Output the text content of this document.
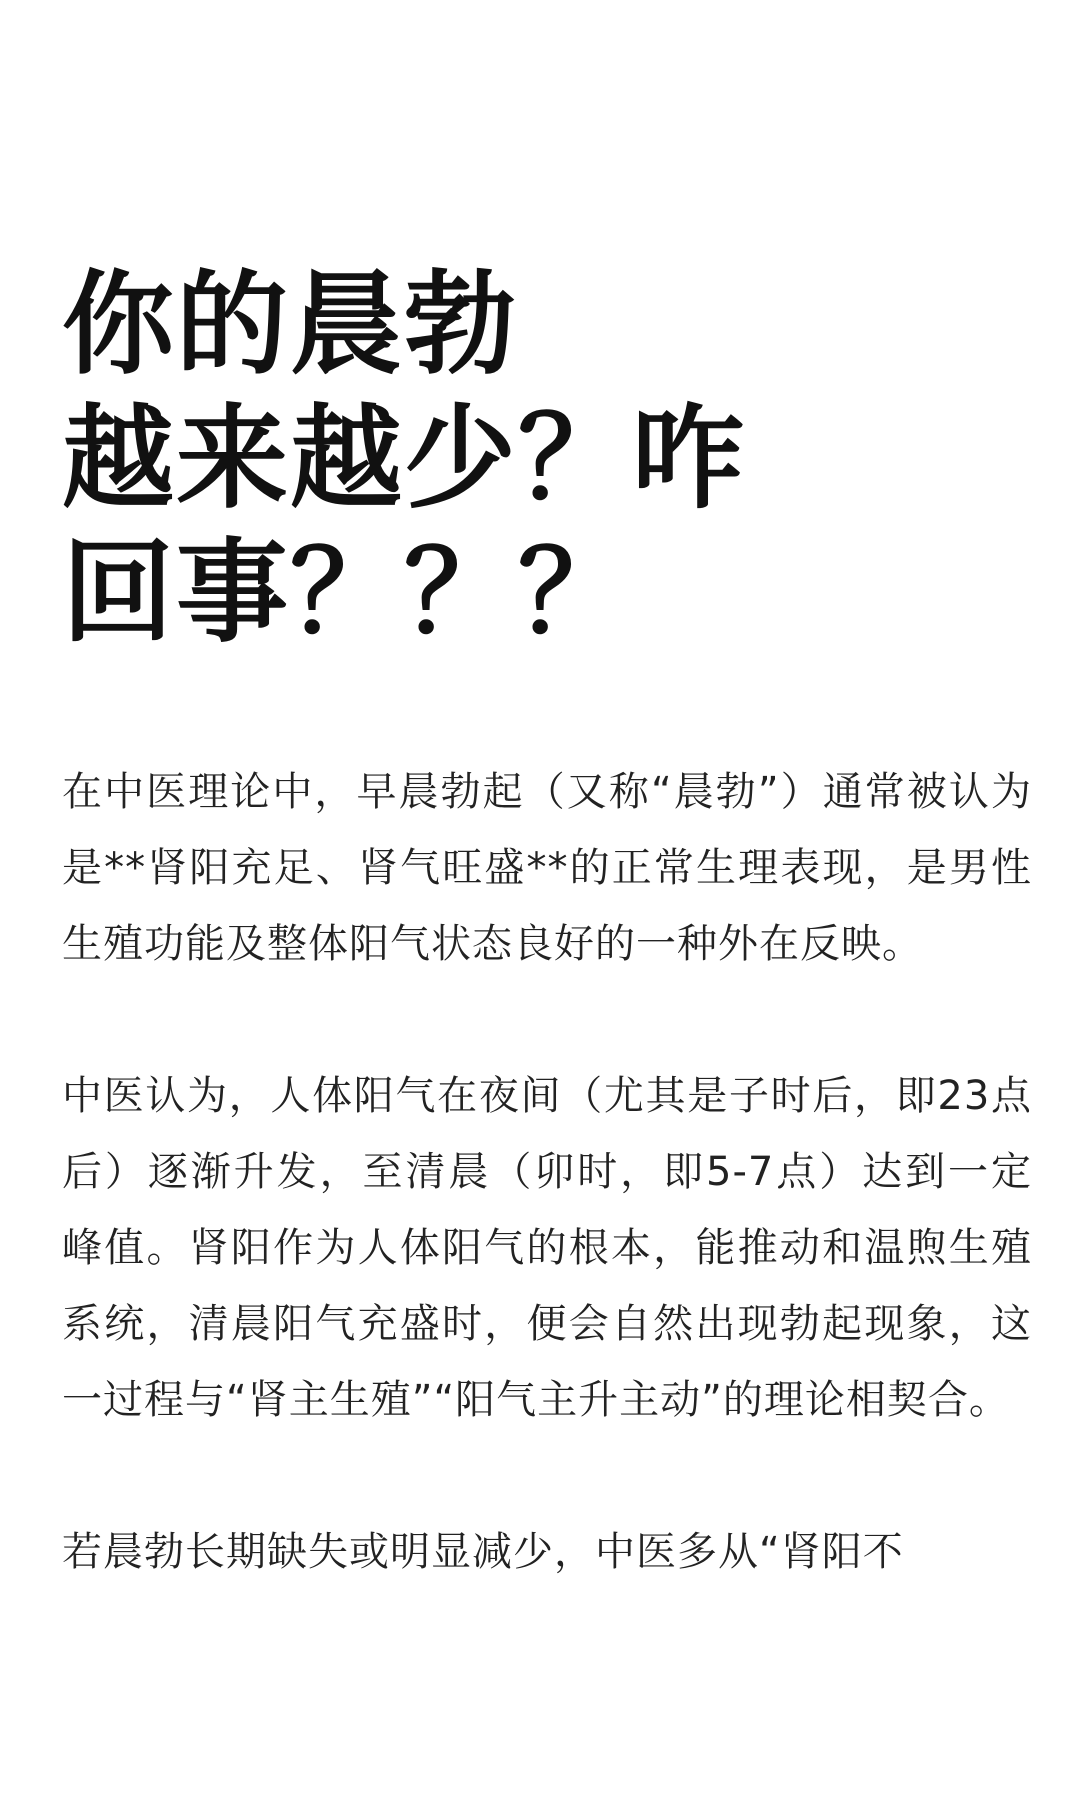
你的晨勃
越来越少？咋
回事？？？

在中医理论中，早晨勃起（又称“晨勃”）通常被认为是**肾阳充足、肾气旺盛**的正常生理表现，是男性生殖功能及整体阳气状态良好的一种外在反映。

中医认为，人体阳气在夜间（尤其是子时后，即23点后）逐渐升发，至清晨（卯时，即5-7点）达到一定峰值。肾阳作为人体阳气的根本，能推动和温煦生殖系统，清晨阳气充盛时，便会自然出现勃起现象，这一过程与“肾主生殖”“阳气主升主动”的理论相契合。

若晨勃长期缺失或明显减少，中医多从“肾阳不
